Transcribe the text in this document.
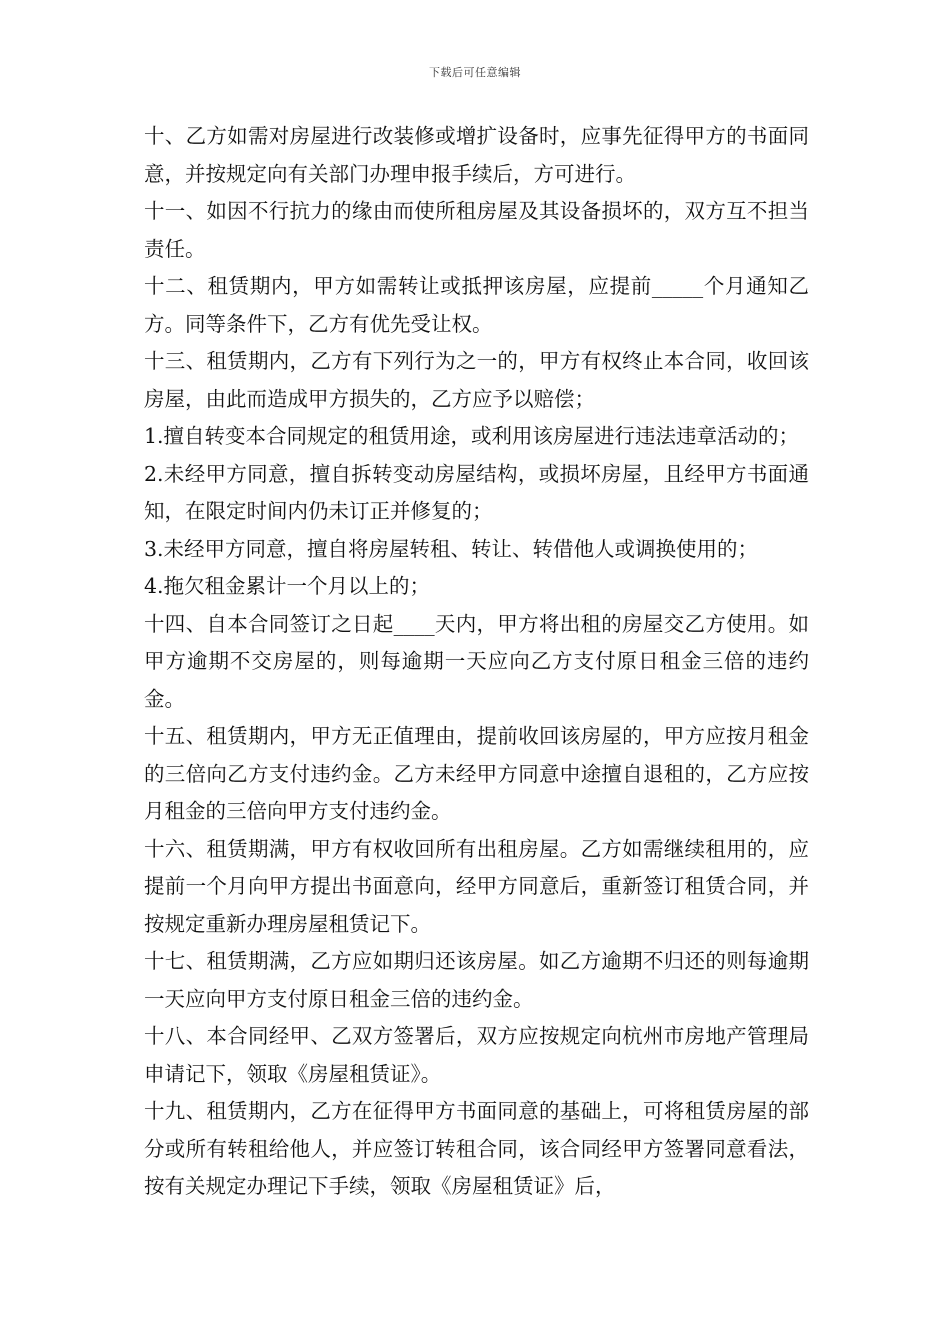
下载后可任意编辑

十、乙方如需对房屋进行改装修或增扩设备时，应事先征得甲方的书面同意，并按规定向有关部门办理申报手续后，方可进行。

十一、如因不行抗力的缘由而使所租房屋及其设备损坏的，双方互不担当责任。

十二、租赁期内，甲方如需转让或抵押该房屋，应提前_____个月通知乙方。同等条件下，乙方有优先受让权。

十三、租赁期内，乙方有下列行为之一的，甲方有权终止本合同，收回该房屋，由此而造成甲方损失的，乙方应予以赔偿；

1.擅自转变本合同规定的租赁用途，或利用该房屋进行违法违章活动的；

2.未经甲方同意，擅自拆转变动房屋结构，或损坏房屋，且经甲方书面通知，在限定时间内仍未订正并修复的；

3.未经甲方同意，擅自将房屋转租、转让、转借他人或调换使用的；

4.拖欠租金累计一个月以上的；

十四、自本合同签订之日起____天内，甲方将出租的房屋交乙方使用。如甲方逾期不交房屋的，则每逾期一天应向乙方支付原日租金三倍的违约金。

十五、租赁期内，甲方无正值理由，提前收回该房屋的，甲方应按月租金的三倍向乙方支付违约金。乙方未经甲方同意中途擅自退租的，乙方应按月租金的三倍向甲方支付违约金。

十六、租赁期满，甲方有权收回所有出租房屋。乙方如需继续租用的，应提前一个月向甲方提出书面意向，经甲方同意后，重新签订租赁合同，并按规定重新办理房屋租赁记下。

十七、租赁期满，乙方应如期归还该房屋。如乙方逾期不归还的则每逾期一天应向甲方支付原日租金三倍的违约金。

十八、本合同经甲、乙双方签署后，双方应按规定向杭州市房地产管理局申请记下，领取《房屋租赁证》。

十九、租赁期内，乙方在征得甲方书面同意的基础上，可将租赁房屋的部分或所有转租给他人，并应签订转租合同，该合同经甲方签署同意看法，按有关规定办理记下手续，领取《房屋租赁证》后，
